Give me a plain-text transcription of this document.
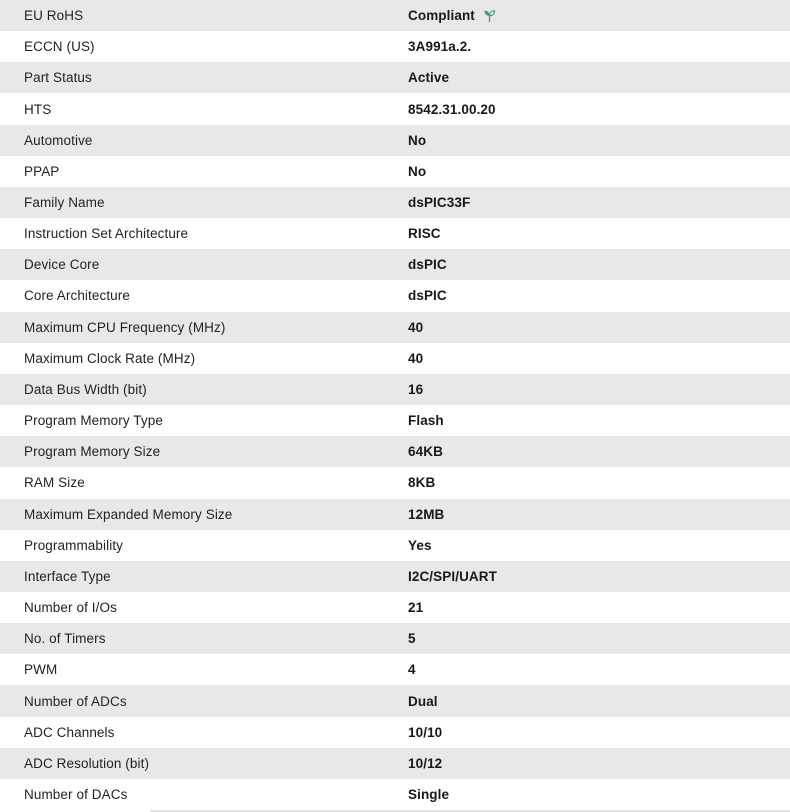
EU RoHS	Compliant
ECCN (US)	3A991a.2.
Part Status	Active
HTS	8542.31.00.20
Automotive	No
PPAP	No
Family Name	dsPIC33F
Instruction Set Architecture	RISC
Device Core	dsPIC
Core Architecture	dsPIC
Maximum CPU Frequency (MHz)	40
Maximum Clock Rate (MHz)	40
Data Bus Width (bit)	16
Program Memory Type	Flash
Program Memory Size	64KB
RAM Size	8KB
Maximum Expanded Memory Size	12MB
Programmability	Yes
Interface Type	I2C/SPI/UART
Number of I/Os	21
No. of Timers	5
PWM	4
Number of ADCs	Dual
ADC Channels	10/10
ADC Resolution (bit)	10/12
Number of DACs	Single
